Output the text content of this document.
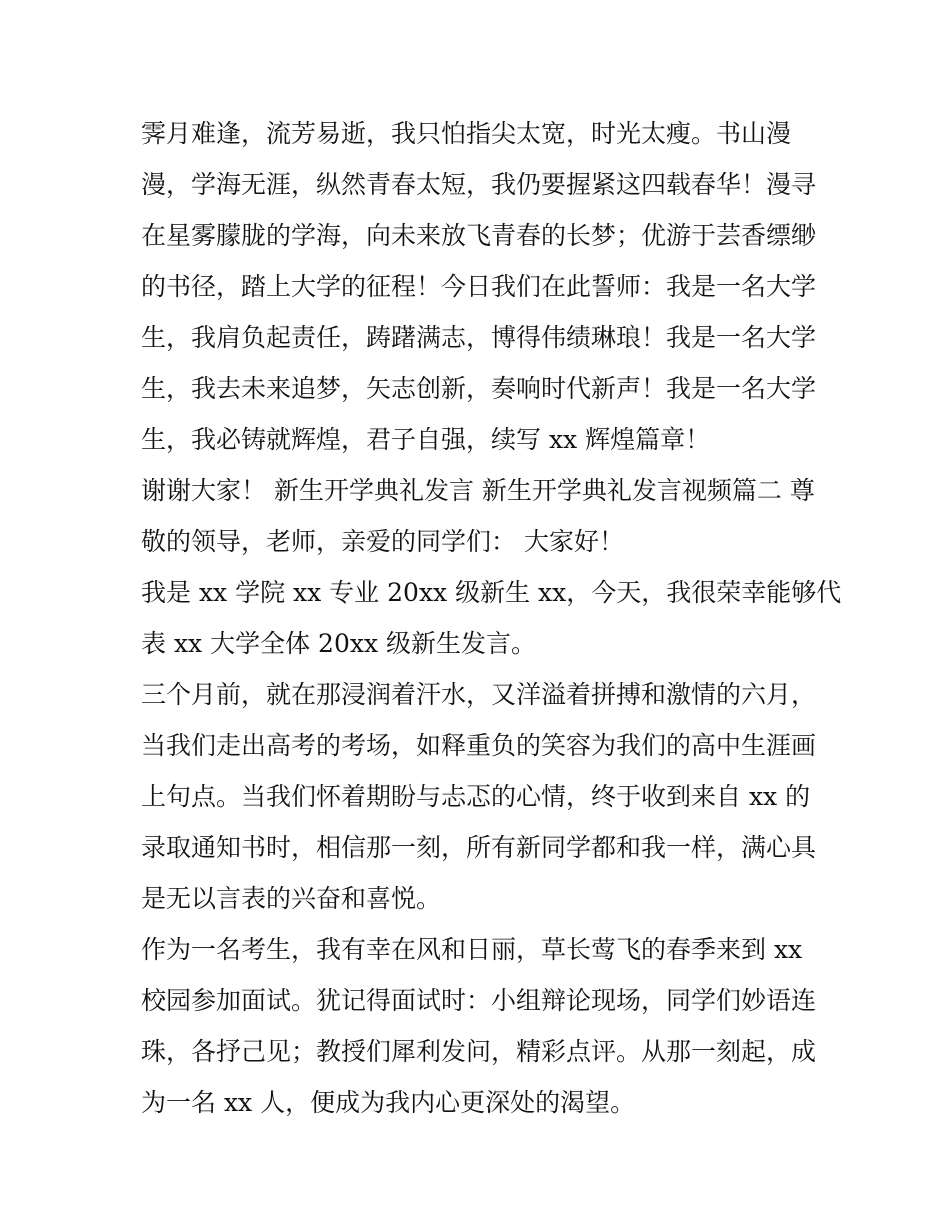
霁月难逢，流芳易逝，我只怕指尖太宽，时光太瘦。书山漫
漫，学海无涯，纵然青春太短，我仍要握紧这四载春华！漫寻
在星雾朦胧的学海，向未来放飞青春的长梦；优游于芸香缥缈
的书径，踏上大学的征程！今日我们在此誓师：我是一名大学
生，我肩负起责任，踌躇满志，博得伟绩琳琅！我是一名大学
生，我去未来追梦，矢志创新，奏响时代新声！我是一名大学
生，我必铸就辉煌，君子自强，续写 xx 辉煌篇章！
谢谢大家！ 新生开学典礼发言 新生开学典礼发言视频篇二 尊
敬的领导，老师，亲爱的同学们： 大家好！
我是 xx 学院 xx 专业 20xx 级新生 xx，今天，我很荣幸能够代
表 xx 大学全体 20xx 级新生发言。
三个月前，就在那浸润着汗水，又洋溢着拼搏和激情的六月，
当我们走出高考的考场，如释重负的笑容为我们的高中生涯画
上句点。当我们怀着期盼与忐忑的心情，终于收到来自 xx 的
录取通知书时，相信那一刻，所有新同学都和我一样，满心具
是无以言表的兴奋和喜悦。
作为一名考生，我有幸在风和日丽，草长莺飞的春季来到 xx
校园参加面试。犹记得面试时：小组辩论现场，同学们妙语连
珠，各抒己见；教授们犀利发问，精彩点评。从那一刻起，成
为一名 xx 人，便成为我内心更深处的渴望。
